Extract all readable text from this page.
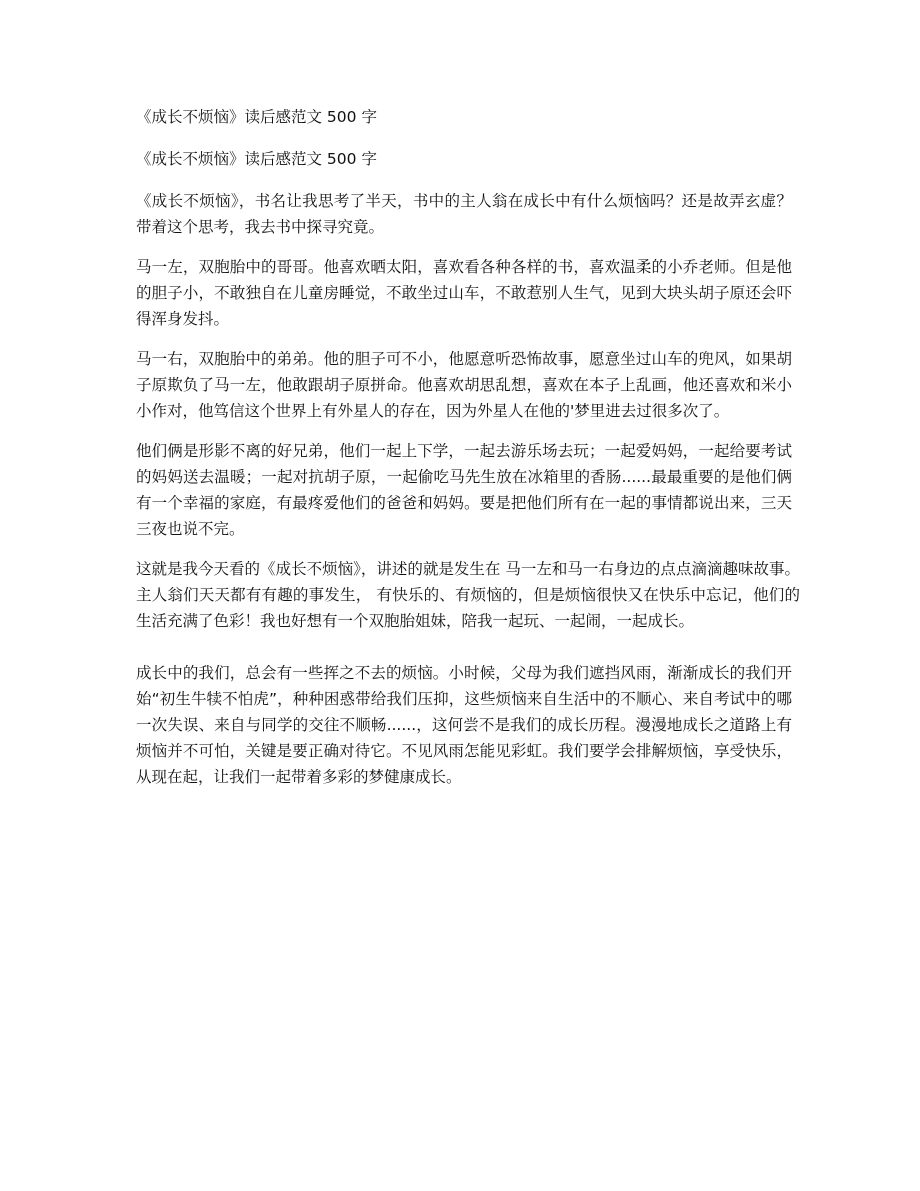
《成长不烦恼》读后感范文 500 字
《成长不烦恼》读后感范文 500 字

《成长不烦恼》，书名让我思考了半天，书中的主人翁在成长中有什么烦恼吗？还是故弄玄虚？带着这个思考，我去书中探寻究竟。

马一左，双胞胎中的哥哥。他喜欢晒太阳，喜欢看各种各样的书，喜欢温柔的小乔老师。但是他的胆子小，不敢独自在儿童房睡觉，不敢坐过山车，不敢惹别人生气，见到大块头胡子原还会吓得浑身发抖。

马一右，双胞胎中的弟弟。他的胆子可不小，他愿意听恐怖故事，愿意坐过山车的兜风，如果胡子原欺负了马一左，他敢跟胡子原拼命。他喜欢胡思乱想，喜欢在本子上乱画，他还喜欢和米小小作对，他笃信这个世界上有外星人的存在，因为外星人在他的'梦里进去过很多次了。

他们俩是形影不离的好兄弟，他们一起上下学，一起去游乐场去玩；一起爱妈妈，一起给要考试的妈妈送去温暖；一起对抗胡子原，一起偷吃马先生放在冰箱里的香肠......最最重要的是他们俩有一个幸福的家庭，有最疼爱他们的爸爸和妈妈。要是把他们所有在一起的事情都说出来，三天三夜也说不完。

这就是我今天看的《成长不烦恼》，讲述的就是发生在 马一左和马一右身边的点点滴滴趣味故事。主人翁们天天都有有趣的事发生， 有快乐的、有烦恼的，但是烦恼很快又在快乐中忘记，他们的生活充满了色彩！我也好想有一个双胞胎姐妹，陪我一起玩、一起闹，一起成长。

成长中的我们，总会有一些挥之不去的烦恼。小时候，父母为我们遮挡风雨，渐渐成长的我们开始“初生牛犊不怕虎”，种种困惑带给我们压抑，这些烦恼来自生活中的不顺心、来自考试中的哪一次失误、来自与同学的交往不顺畅......，这何尝不是我们的成长历程。漫漫地成长之道路上有烦恼并不可怕，关键是要正确对待它。不见风雨怎能见彩虹。我们要学会排解烦恼，享受快乐，从现在起，让我们一起带着多彩的梦健康成长。
